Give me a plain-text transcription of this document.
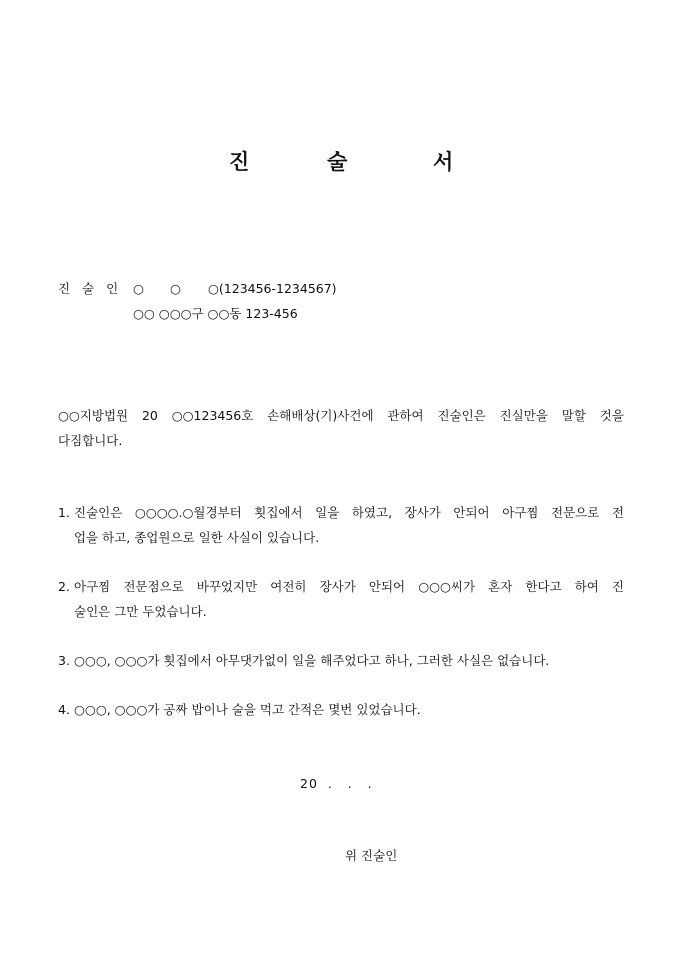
진	술	서
진 술 인 ○ ○ ○(123456-1234567)
○○ ○○○구 ○○동 123-456
○○지방법원 20 ○○123456호 손해배상(기)사건에 관하여 진술인은 진실만을 말할 것을
다짐합니다.
1. 진술인은 ○○○○.○월경부터 횟집에서 일을 하였고, 장사가 안되어 아구찜 전문으로 전
업을 하고, 종업원으로 일한 사실이 있습니다.
2. 아구찜 전문점으로 바꾸었지만 여전히 장사가 안되어 ○○○씨가 혼자 한다고 하여 진
술인은 그만 두었습니다.
3. ○○○, ○○○가 횟집에서 아무댓가없이 일을 해주었다고 하나, 그러한 사실은 없습니다.
4. ○○○, ○○○가 공짜 밥이나 술을 먹고 간적은 몇번 있었습니다.
20  .   .   .
위 진술인
